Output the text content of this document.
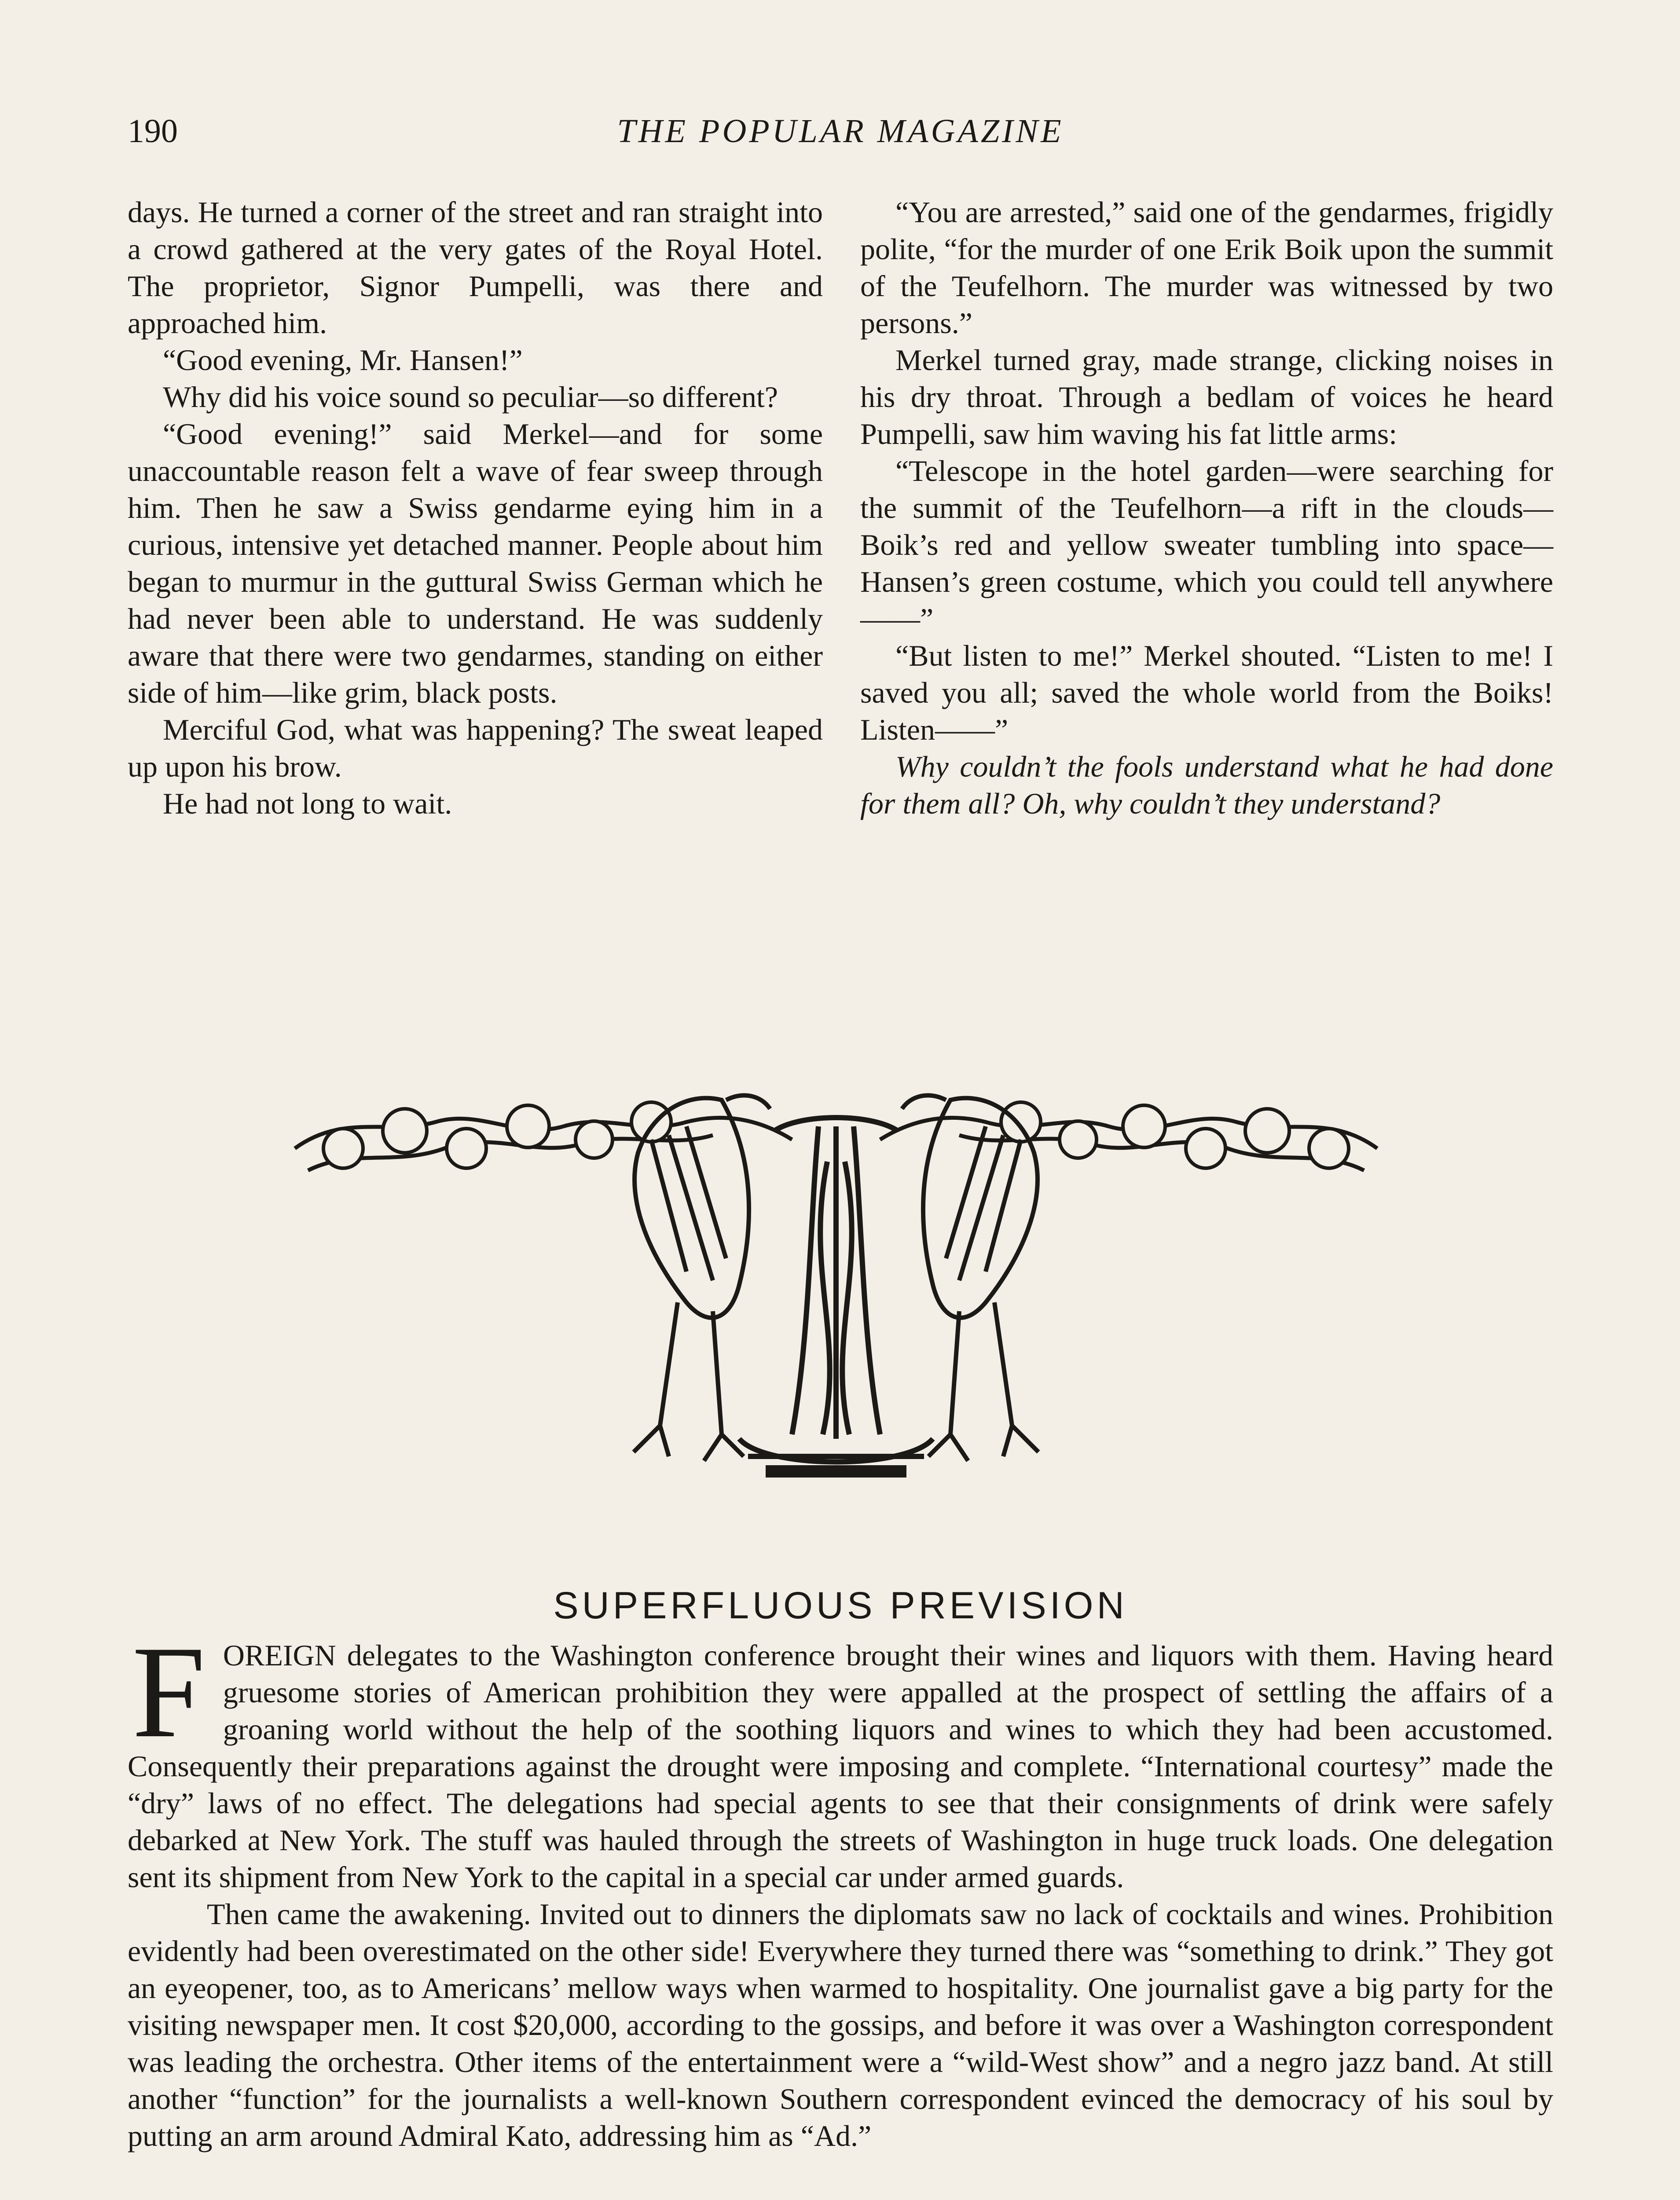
190	THE POPULAR MAGAZINE

days. He turned a corner of the street and ran straight into a crowd gathered at the very gates of the Royal Hotel. The proprietor, Signor Pumpelli, was there and approached him.

“Good evening, Mr. Hansen!”

Why did his voice sound so peculiar—so different?

“Good evening!” said Merkel—and for some unaccountable reason felt a wave of fear sweep through him. Then he saw a Swiss gendarme eying him in a curious, intensive yet detached manner. People about him began to murmur in the guttural Swiss German which he had never been able to understand. He was suddenly aware that there were two gendarmes, standing on either side of him—like grim, black posts.

Merciful God, what was happening? The sweat leaped up upon his brow.

He had not long to wait.

“You are arrested,” said one of the gendarmes, frigidly polite, “for the murder of one Erik Boik upon the summit of the Teufelhorn. The murder was witnessed by two persons.”

Merkel turned gray, made strange, clicking noises in his dry throat. Through a bedlam of voices he heard Pumpelli, saw him waving his fat little arms:

“Telescope in the hotel garden—were searching for the summit of the Teufelhorn—a rift in the clouds—Boik’s red and yellow sweater tumbling into space—Hansen’s green costume, which you could tell anywhere——”

“But listen to me!” Merkel shouted. “Listen to me! I saved you all; saved the whole world from the Boiks! Listen——”

Why couldn’t the fools understand what he had done for them all? Oh, why couldn’t they understand?

SUPERFLUOUS PREVISION

FOREIGN delegates to the Washington conference brought their wines and liquors with them. Having heard gruesome stories of American prohibition they were appalled at the prospect of settling the affairs of a groaning world without the help of the soothing liquors and wines to which they had been accustomed. Consequently their preparations against the drought were imposing and complete. “International courtesy” made the “dry” laws of no effect. The delegations had special agents to see that their consignments of drink were safely debarked at New York. The stuff was hauled through the streets of Washington in huge truck loads. One delegation sent its shipment from New York to the capital in a special car under armed guards.

Then came the awakening. Invited out to dinners the diplomats saw no lack of cocktails and wines. Prohibition evidently had been overestimated on the other side! Everywhere they turned there was “something to drink.” They got an eyeopener, too, as to Americans’ mellow ways when warmed to hospitality. One journalist gave a big party for the visiting newspaper men. It cost $20,000, according to the gossips, and before it was over a Washington correspondent was leading the orchestra. Other items of the entertainment were a “wild-West show” and a negro jazz band. At still another “function” for the journalists a well-known Southern correspondent evinced the democracy of his soul by putting an arm around Admiral Kato, addressing him as “Ad.”
